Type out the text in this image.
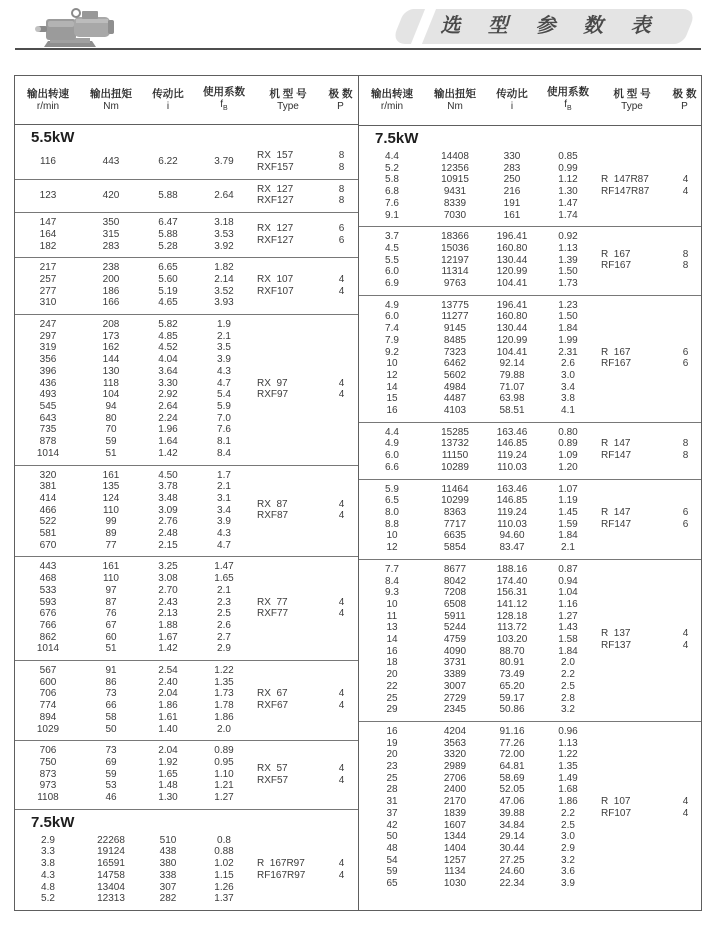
选 型 参 数 表
输出转速
r/min
输出扭矩
Nm
传动比
i
使用系数
$f_B$
机 型 号
Type
极 数
P
5.5kW
116	443	6.22	3.79
RX  157	8
RXF157	8
123	420	5.88	2.64
RX  127	8
RXF127	8
147	350	6.47	3.18
164	315	5.88	3.53
182	283	5.28	3.92
RX  127	6
RXF127	6
217	238	6.65	1.82
257	200	5.60	2.14
277	186	5.19	3.52
310	166	4.65	3.93
RX  107	4
RXF107	4
247	208	5.82	1.9
297	173	4.85	2.1
319	162	4.52	3.5
356	144	4.04	3.9
396	130	3.64	4.3
436	118	3.30	4.7
493	104	2.92	5.4
545	94	2.64	5.9
643	80	2.24	7.0
735	70	1.96	7.6
878	59	1.64	8.1
1014	51	1.42	8.4
RX  97	4
RXF97	4
320	161	4.50	1.7
381	135	3.78	2.1
414	124	3.48	3.1
466	110	3.09	3.4
522	99	2.76	3.9
581	89	2.48	4.3
670	77	2.15	4.7
RX  87	4
RXF87	4
443	161	3.25	1.47
468	110	3.08	1.65
533	97	2.70	2.1
593	87	2.43	2.3
676	76	2.13	2.5
766	67	1.88	2.6
862	60	1.67	2.7
1014	51	1.42	2.9
RX  77	4
RXF77	4
567	91	2.54	1.22
600	86	2.40	1.35
706	73	2.04	1.73
774	66	1.86	1.78
894	58	1.61	1.86
1029	50	1.40	2.0
RX  67	4
RXF67	4
706	73	2.04	0.89
750	69	1.92	0.95
873	59	1.65	1.10
973	53	1.48	1.21
1108	46	1.30	1.27
RX  57	4
RXF57	4
7.5kW
2.9	22268	510	0.8
3.3	19124	438	0.88
3.8	16591	380	1.02
4.3	14758	338	1.15
4.8	13404	307	1.26
5.2	12313	282	1.37
R  167R97	4
RF167R97	4
输出转速
r/min
输出扭矩
Nm
传动比
i
使用系数
$f_B$
机 型 号
Type
极 数
P
7.5kW
4.4	14408	330	0.85
5.2	12356	283	0.99
5.8	10915	250	1.12
6.8	9431	216	1.30
7.6	8339	191	1.47
9.1	7030	161	1.74
R  147R87	4
RF147R87	4
3.7	18366	196.41	0.92
4.5	15036	160.80	1.13
5.5	12197	130.44	1.39
6.0	11314	120.99	1.50
6.9	9763	104.41	1.73
R  167	8
RF167	8
4.9	13775	196.41	1.23
6.0	11277	160.80	1.50
7.4	9145	130.44	1.84
7.9	8485	120.99	1.99
9.2	7323	104.41	2.31
10	6462	92.14	2.6
12	5602	79.88	3.0
14	4984	71.07	3.4
15	4487	63.98	3.8
16	4103	58.51	4.1
R  167	6
RF167	6
4.4	15285	163.46	0.80
4.9	13732	146.85	0.89
6.0	11150	119.24	1.09
6.6	10289	110.03	1.20
R  147	8
RF147	8
5.9	11464	163.46	1.07
6.5	10299	146.85	1.19
8.0	8363	119.24	1.45
8.8	7717	110.03	1.59
10	6635	94.60	1.84
12	5854	83.47	2.1
R  147	6
RF147	6
7.7	8677	188.16	0.87
8.4	8042	174.40	0.94
9.3	7208	156.31	1.04
10	6508	141.12	1.16
11	5911	128.18	1.27
13	5244	113.72	1.43
14	4759	103.20	1.58
16	4090	88.70	1.84
18	3731	80.91	2.0
20	3389	73.49	2.2
22	3007	65.20	2.5
25	2729	59.17	2.8
29	2345	50.86	3.2
R  137	4
RF137	4
16	4204	91.16	0.96
19	3563	77.26	1.13
20	3320	72.00	1.22
23	2989	64.81	1.35
25	2706	58.69	1.49
28	2400	52.05	1.68
31	2170	47.06	1.86
37	1839	39.88	2.2
42	1607	34.84	2.5
50	1344	29.14	3.0
48	1404	30.44	2.9
54	1257	27.25	3.2
59	1134	24.60	3.6
65	1030	22.34	3.9
R  107	4
RF107	4
